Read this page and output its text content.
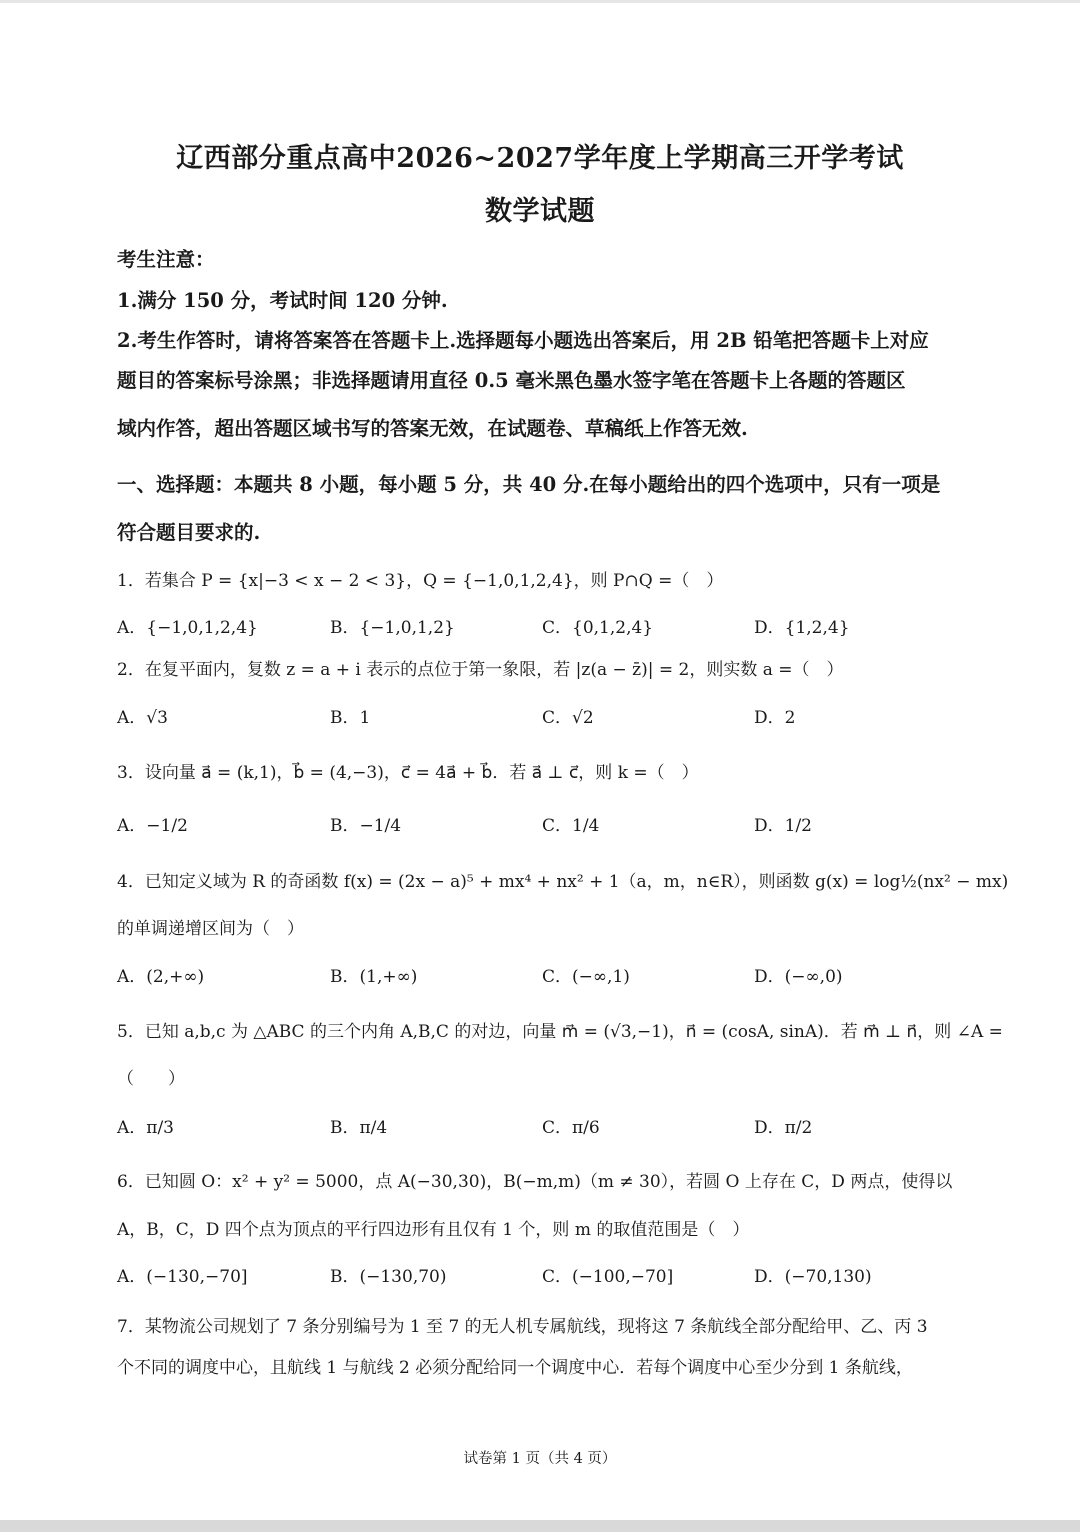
辽西部分重点高中2026~2027学年度上学期高三开学考试
数学试题
考生注意：
1.满分 150 分，考试时间 120 分钟.
2.考生作答时，请将答案答在答题卡上.选择题每小题选出答案后，用 2B 铅笔把答题卡上对应
题目的答案标号涂黑；非选择题请用直径 0.5 毫米黑色墨水签字笔在答题卡上各题的答题区
域内作答，超出答题区域书写的答案无效，在试题卷、草稿纸上作答无效.
一、选择题：本题共 8 小题，每小题 5 分，共 40 分.在每小题给出的四个选项中，只有一项是
符合题目要求的.
1．若集合 P = {x|−3 < x − 2 < 3}，Q = {−1,0,1,2,4}，则 P∩Q =（　）
A．{−1,0,1,2,4}	B．{−1,0,1,2}	C．{0,1,2,4}	D．{1,2,4}
2．在复平面内，复数 z = a + i 表示的点位于第一象限，若 |z(a − z̄)| = 2，则实数 a =（　）
A．√3	B．1	C．√2	D．2
3．设向量 a⃗ = (k,1)，b⃗ = (4,−3)，c⃗ = 4a⃗ + b⃗．若 a⃗ ⊥ c⃗，则 k =（　）
A．−1/2	B．−1/4	C．1/4	D．1/2
4．已知定义域为 R 的奇函数 f(x) = (2x − a)⁵ + mx⁴ + nx² + 1（a，m，n∈R），则函数 g(x) = log½(nx² − mx)
的单调递增区间为（　）
A．(2,+∞)	B．(1,+∞)	C．(−∞,1)	D．(−∞,0)
5．已知 a,b,c 为 △ABC 的三个内角 A,B,C 的对边，向量 m⃗ = (√3,−1)，n⃗ = (cosA, sinA)．若 m⃗ ⊥ n⃗，则 ∠A =
（　　）
A．π/3	B．π/4	C．π/6	D．π/2
6．已知圆 O：x² + y² = 5000，点 A(−30,30)，B(−m,m)（m ≠ 30），若圆 O 上存在 C，D 两点，使得以
A，B，C，D 四个点为顶点的平行四边形有且仅有 1 个，则 m 的取值范围是（　）
A．(−130,−70]	B．(−130,70)	C．(−100,−70]	D．(−70,130)
7．某物流公司规划了 7 条分别编号为 1 至 7 的无人机专属航线，现将这 7 条航线全部分配给甲、乙、丙 3
个不同的调度中心，且航线 1 与航线 2 必须分配给同一个调度中心．若每个调度中心至少分到 1 条航线，
试卷第 1 页（共 4 页）
